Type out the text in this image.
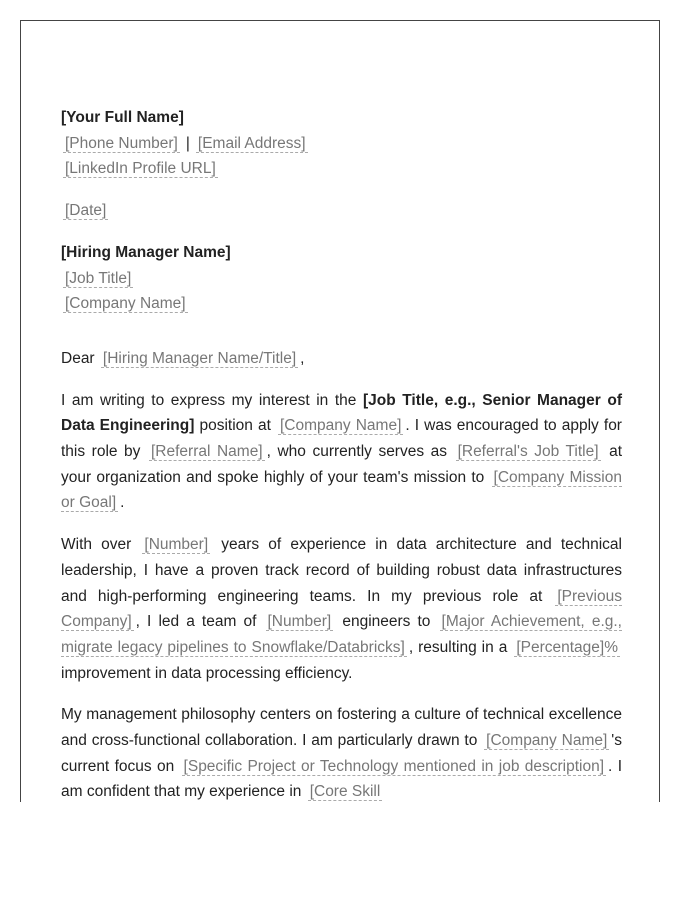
[Your Full Name]

[Phone Number] | [Email Address]

[LinkedIn Profile URL]

[Date]

[Hiring Manager Name]

[Job Title]

[Company Name]

Dear [Hiring Manager Name/Title] ,

I am writing to express my interest in the [Job Title, e.g., Senior Manager of Data Engineering] position at [Company Name] . I was encouraged to apply for this role by [Referral Name] , who currently serves as [Referral's Job Title] at your organization and spoke highly of your team's mission to [Company Mission or Goal] .

With over [Number] years of experience in data architecture and technical leadership, I have a proven track record of building robust data infrastructures and high-performing engineering teams. In my previous role at [Previous Company] , I led a team of [Number] engineers to [Major Achievement, e.g., migrate legacy pipelines to Snowflake/Databricks] , resulting in a [Percentage]% improvement in data processing efficiency.

My management philosophy centers on fostering a culture of technical excellence and cross-functional collaboration. I am particularly drawn to [Company Name] 's current focus on [Specific Project or Technology mentioned in job description] . I am confident that my experience in [Core Skill
